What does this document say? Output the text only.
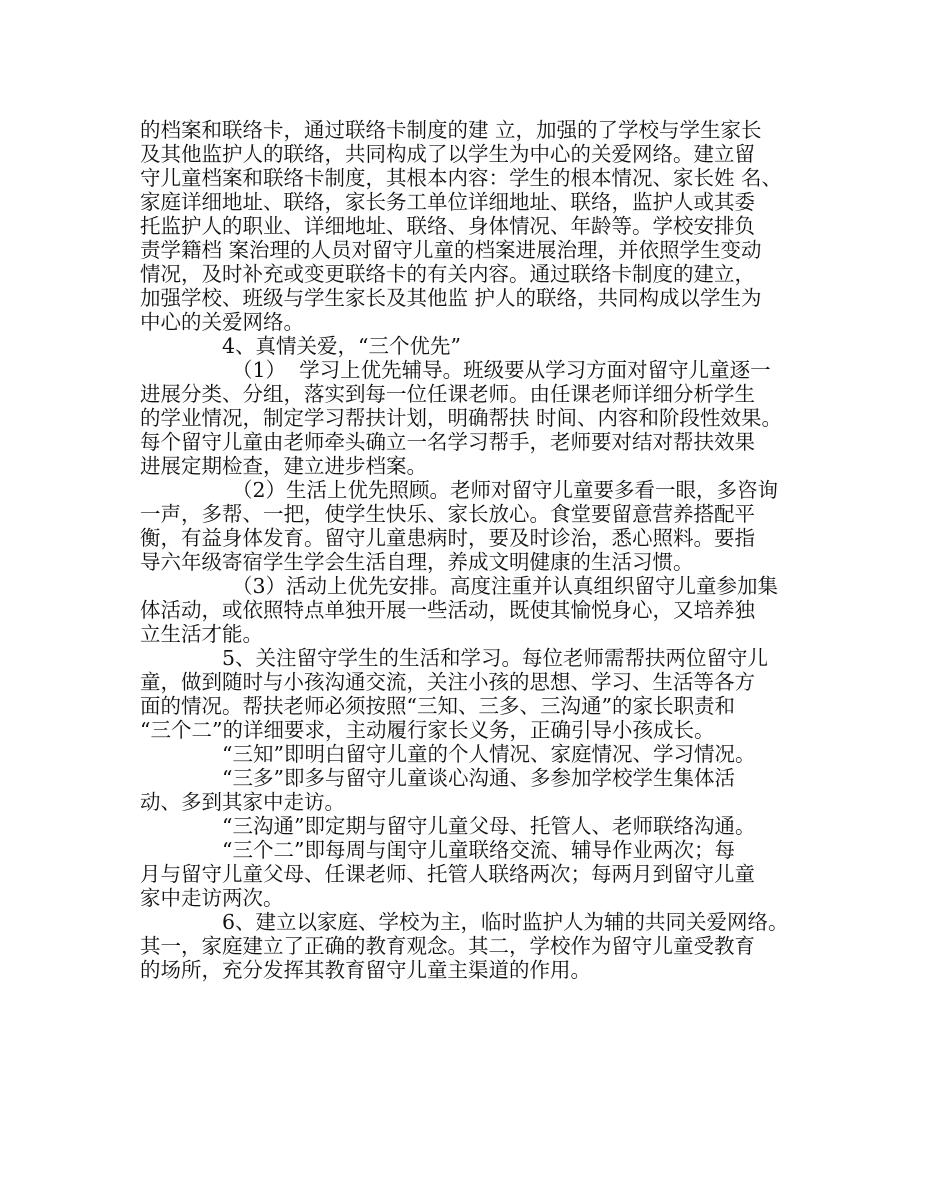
的档案和联络卡，通过联络卡制度的建 立，加强的了学校与学生家长
及其他监护人的联络，共同构成了以学生为中心的关爱网络。建立留
守儿童档案和联络卡制度，其根本内容：学生的根本情况、家长姓 名、
家庭详细地址、联络，家长务工单位详细地址、联络，监护人或其委
托监护人的职业、详细地址、联络、身体情况、年龄等。学校安排负
责学籍档 案治理的人员对留守儿童的档案进展治理，并依照学生变动
情况，及时补充或变更联络卡的有关内容。通过联络卡制度的建立，
加强学校、班级与学生家长及其他监 护人的联络，共同构成以学生为
中心的关爱网络。
4、真情关爱，“三个优先”
（1）  学习上优先辅导。班级要从学习方面对留守儿童逐一
进展分类、分组，落实到每一位任课老师。由任课老师详细分析学生
的学业情况，制定学习帮扶计划，明确帮扶 时间、内容和阶段性效果。
每个留守儿童由老师牵头确立一名学习帮手，老师要对结对帮扶效果
进展定期检查，建立进步档案。
（2）生活上优先照顾。老师对留守儿童要多看一眼，多咨询
一声，多帮、一把，使学生快乐、家长放心。食堂要留意营养搭配平
衡，有益身体发育。留守儿童患病时，要及时诊治，悉心照料。要指
导六年级寄宿学生学会生活自理，养成文明健康的生活习惯。
（3）活动上优先安排。高度注重并认真组织留守儿童参加集
体活动，或依照特点单独开展一些活动，既使其愉悦身心，又培养独
立生活才能。
5、关注留守学生的生活和学习。每位老师需帮扶两位留守儿
童，做到随时与小孩沟通交流，关注小孩的思想、学习、生活等各方
面的情况。帮扶老师必须按照“三知、三多、三沟通”的家长职责和
“三个二”的详细要求，主动履行家长义务，正确引导小孩成长。
“三知”即明白留守儿童的个人情况、家庭情况、学习情况。
“三多”即多与留守儿童谈心沟通、多参加学校学生集体活
动、多到其家中走访。
“三沟通”即定期与留守儿童父母、托管人、老师联络沟通。
“三个二”即每周与闺守儿童联络交流、辅导作业两次；每
月与留守儿童父母、任课老师、托管人联络两次；每两月到留守儿童
家中走访两次。
6、建立以家庭、学校为主，临时监护人为辅的共同关爱网络。
其一，家庭建立了正确的教育观念。其二，学校作为留守儿童受教育
的场所，充分发挥其教育留守儿童主渠道的作用。
